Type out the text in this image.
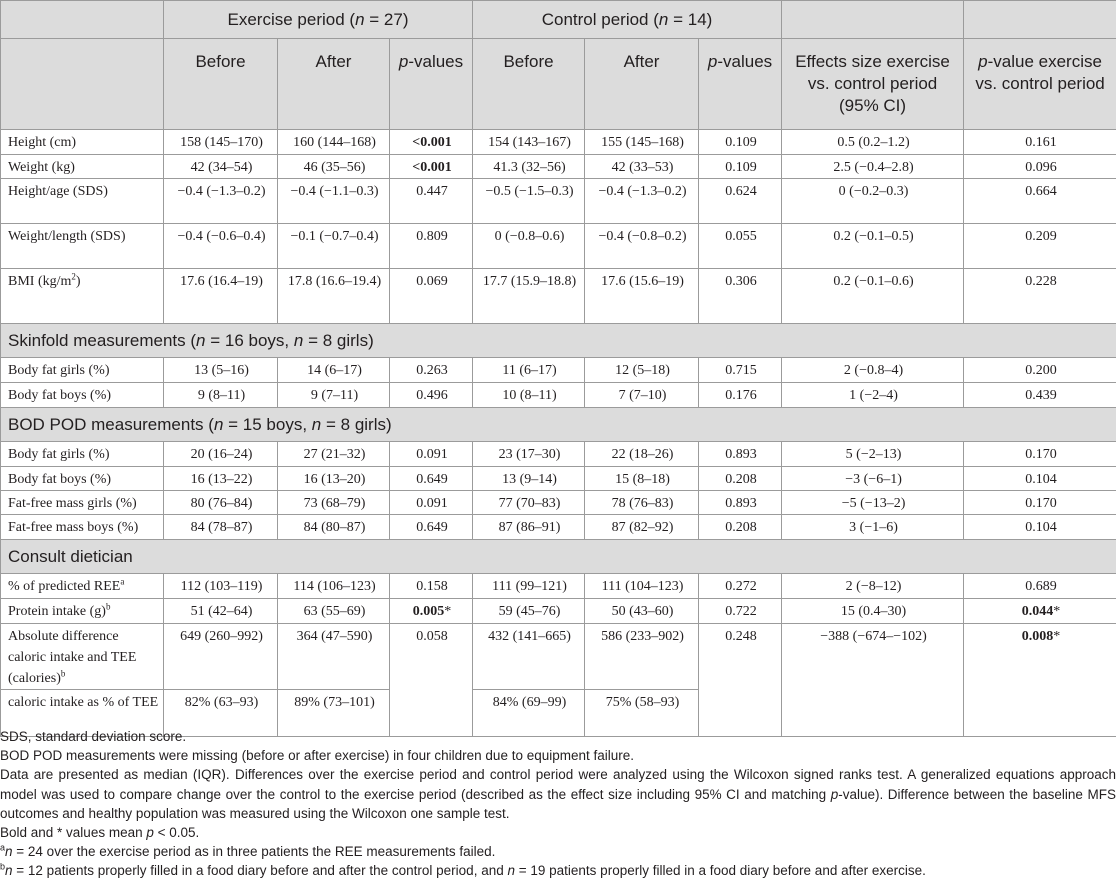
	Exercise period (n = 27)			Control period (n = 14)				
	Before	After	p-values	Before	After	p-values	Effects size exercise vs. control period (95% CI)	p-value exercise vs. control period
Height (cm)	158 (145–170)	160 (144–168)	<0.001	154 (143–167)	155 (145–168)	0.109	0.5 (0.2–1.2)	0.161
Weight (kg)	42 (34–54)	46 (35–56)	<0.001	41.3 (32–56)	42 (33–53)	0.109	2.5 (−0.4–2.8)	0.096
Height/age (SDS)	−0.4 (−1.3–0.2)	−0.4 (−1.1–0.3)	0.447	−0.5 (−1.5–0.3)	−0.4 (−1.3–0.2)	0.624	0 (−0.2–0.3)	0.664
Weight/length (SDS)	−0.4 (−0.6–0.4)	−0.1 (−0.7–0.4)	0.809	0 (−0.8–0.6)	−0.4 (−0.8–0.2)	0.055	0.2 (−0.1–0.5)	0.209
BMI $(kg/m^2)$	17.6 (16.4–19)	17.8 (16.6–19.4)	0.069	17.7 (15.9–18.8)	17.6 (15.6–19)	0.306	0.2 (−0.1–0.6)	0.228
Skinfold measurements (n = 16 boys, n = 8 girls)								
Body fat girls (%)	13 (5–16)	14 (6–17)	0.263	11 (6–17)	12 (5–18)	0.715	2 (−0.8–4)	0.200
Body fat boys (%)	9 (8–11)	9 (7–11)	0.496	10 (8–11)	7 (7–10)	0.176	1 (−2–4)	0.439
BOD POD measurements (n = 15 boys, n = 8 girls)								
Body fat girls (%)	20 (16–24)	27 (21–32)	0.091	23 (17–30)	22 (18–26)	0.893	5 (−2–13)	0.170
Body fat boys (%)	16 (13–22)	16 (13–20)	0.649	13 (9–14)	15 (8–18)	0.208	−3 (−6–1)	0.104
Fat-free mass girls (%)	80 (76–84)	73 (68–79)	0.091	77 (70–83)	78 (76–83)	0.893	−5 (−13–2)	0.170
Fat-free mass boys (%)	84 (78–87)	84 (80–87)	0.649	87 (86–91)	87 (82–92)	0.208	3 (−1–6)	0.104
Consult dietician								
% of predicted REE$^a$	112 (103–119)	114 (106–123)	0.158	111 (99–121)	111 (104–123)	0.272	2 (−8–12)	0.689
Protein intake $(g)^b$	51 (42–64)	63 (55–69)	0.005*	59 (45–76)	50 (43–60)	0.722	15 (0.4–30)	0.044*
Absolute difference caloric intake and TEE (calories)$^b$	649 (260–992)	364 (47–590)	0.058	432 (141–665)	586 (233–902)	0.248	−388 (−674–−102)	0.008*
caloric intake as % of TEE	82% (63–93)	89% (73–101)		84% (69–99)	75% (58–93)			

SDS, standard deviation score.

BOD POD measurements were missing (before or after exercise) in four children due to equipment failure.

Data are presented as median (IQR). Differences over the exercise period and control period were analyzed using the Wilcoxon signed ranks test. A generalized equations approach model was used to compare change over the control to the exercise period (described as the effect size including 95% CI and matching p-value). Difference between the baseline MFS outcomes and healthy population was measured using the Wilcoxon one sample test.

Bold and * values mean p < 0.05.

$^a$n = 24 over the exercise period as in three patients the REE measurements failed.

$^b$n = 12 patients properly filled in a food diary before and after the control period, and n = 19 patients properly filled in a food diary before and after exercise.
